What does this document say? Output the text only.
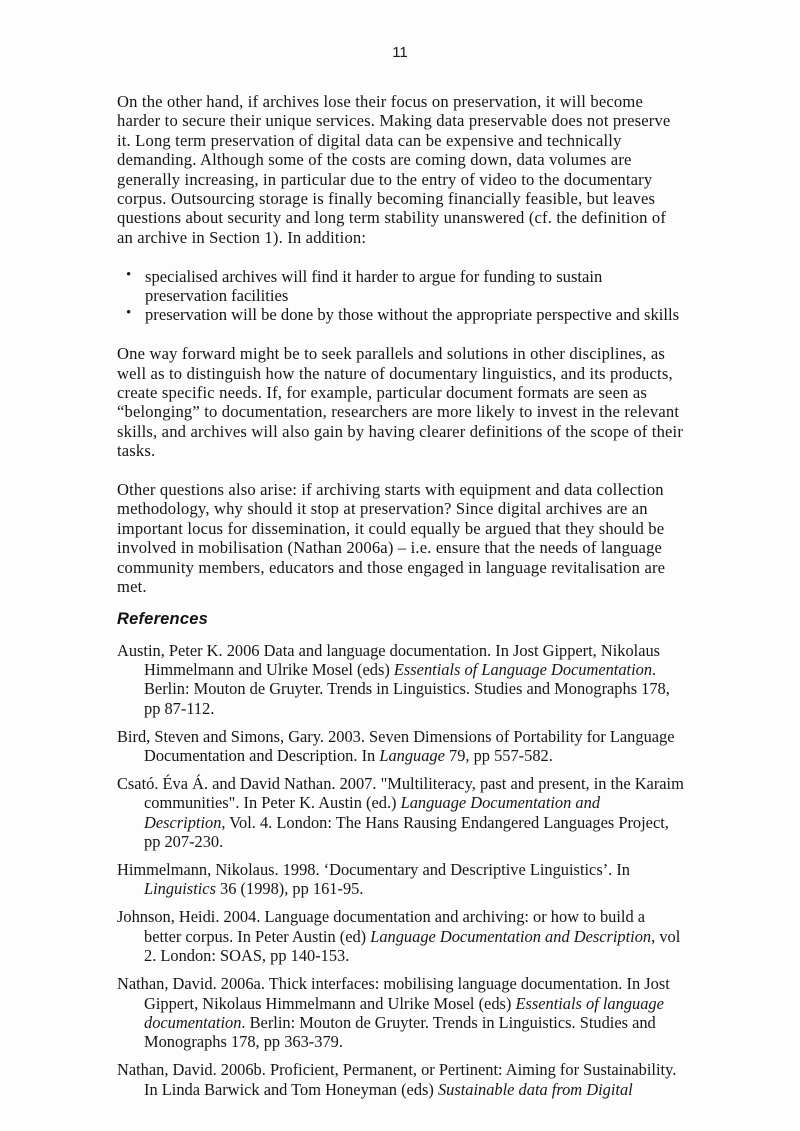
11

On the other hand, if archives lose their focus on preservation, it will become harder to secure their unique services. Making data preservable does not preserve it. Long term preservation of digital data can be expensive and technically demanding. Although some of the costs are coming down, data volumes are generally increasing, in particular due to the entry of video to the documentary corpus. Outsourcing storage is finally becoming financially feasible, but leaves questions about security and long term stability unanswered (cf. the definition of an archive in Section 1). In addition:

• specialised archives will find it harder to argue for funding to sustain preservation facilities
• preservation will be done by those without the appropriate perspective and skills

One way forward might be to seek parallels and solutions in other disciplines, as well as to distinguish how the nature of documentary linguistics, and its products, create specific needs. If, for example, particular document formats are seen as “belonging” to documentation, researchers are more likely to invest in the relevant skills, and archives will also gain by having clearer definitions of the scope of their tasks.

Other questions also arise: if archiving starts with equipment and data collection methodology, why should it stop at preservation? Since digital archives are an important locus for dissemination, it could equally be argued that they should be involved in mobilisation (Nathan 2006a) – i.e. ensure that the needs of language community members, educators and those engaged in language revitalisation are met.

References
Austin, Peter K. 2006 Data and language documentation. In Jost Gippert, Nikolaus Himmelmann and Ulrike Mosel (eds) Essentials of Language Documentation. Berlin: Mouton de Gruyter. Trends in Linguistics. Studies and Monographs 178, pp 87-112.
Bird, Steven and Simons, Gary. 2003. Seven Dimensions of Portability for Language Documentation and Description. In Language 79, pp 557-582.
Csató. Éva Á. and David Nathan. 2007. "Multiliteracy, past and present, in the Karaim communities". In Peter K. Austin (ed.) Language Documentation and Description, Vol. 4. London: The Hans Rausing Endangered Languages Project, pp 207-230.
Himmelmann, Nikolaus. 1998. ‘Documentary and Descriptive Linguistics’. In Linguistics 36 (1998), pp 161-95.
Johnson, Heidi. 2004. Language documentation and archiving: or how to build a better corpus. In Peter Austin (ed) Language Documentation and Description, vol 2. London: SOAS, pp 140-153.
Nathan, David. 2006a. Thick interfaces: mobilising language documentation. In Jost Gippert, Nikolaus Himmelmann and Ulrike Mosel (eds) Essentials of language documentation. Berlin: Mouton de Gruyter. Trends in Linguistics. Studies and Monographs 178, pp 363-379.
Nathan, David. 2006b. Proficient, Permanent, or Pertinent: Aiming for Sustainability. In Linda Barwick and Tom Honeyman (eds) Sustainable data from Digital
